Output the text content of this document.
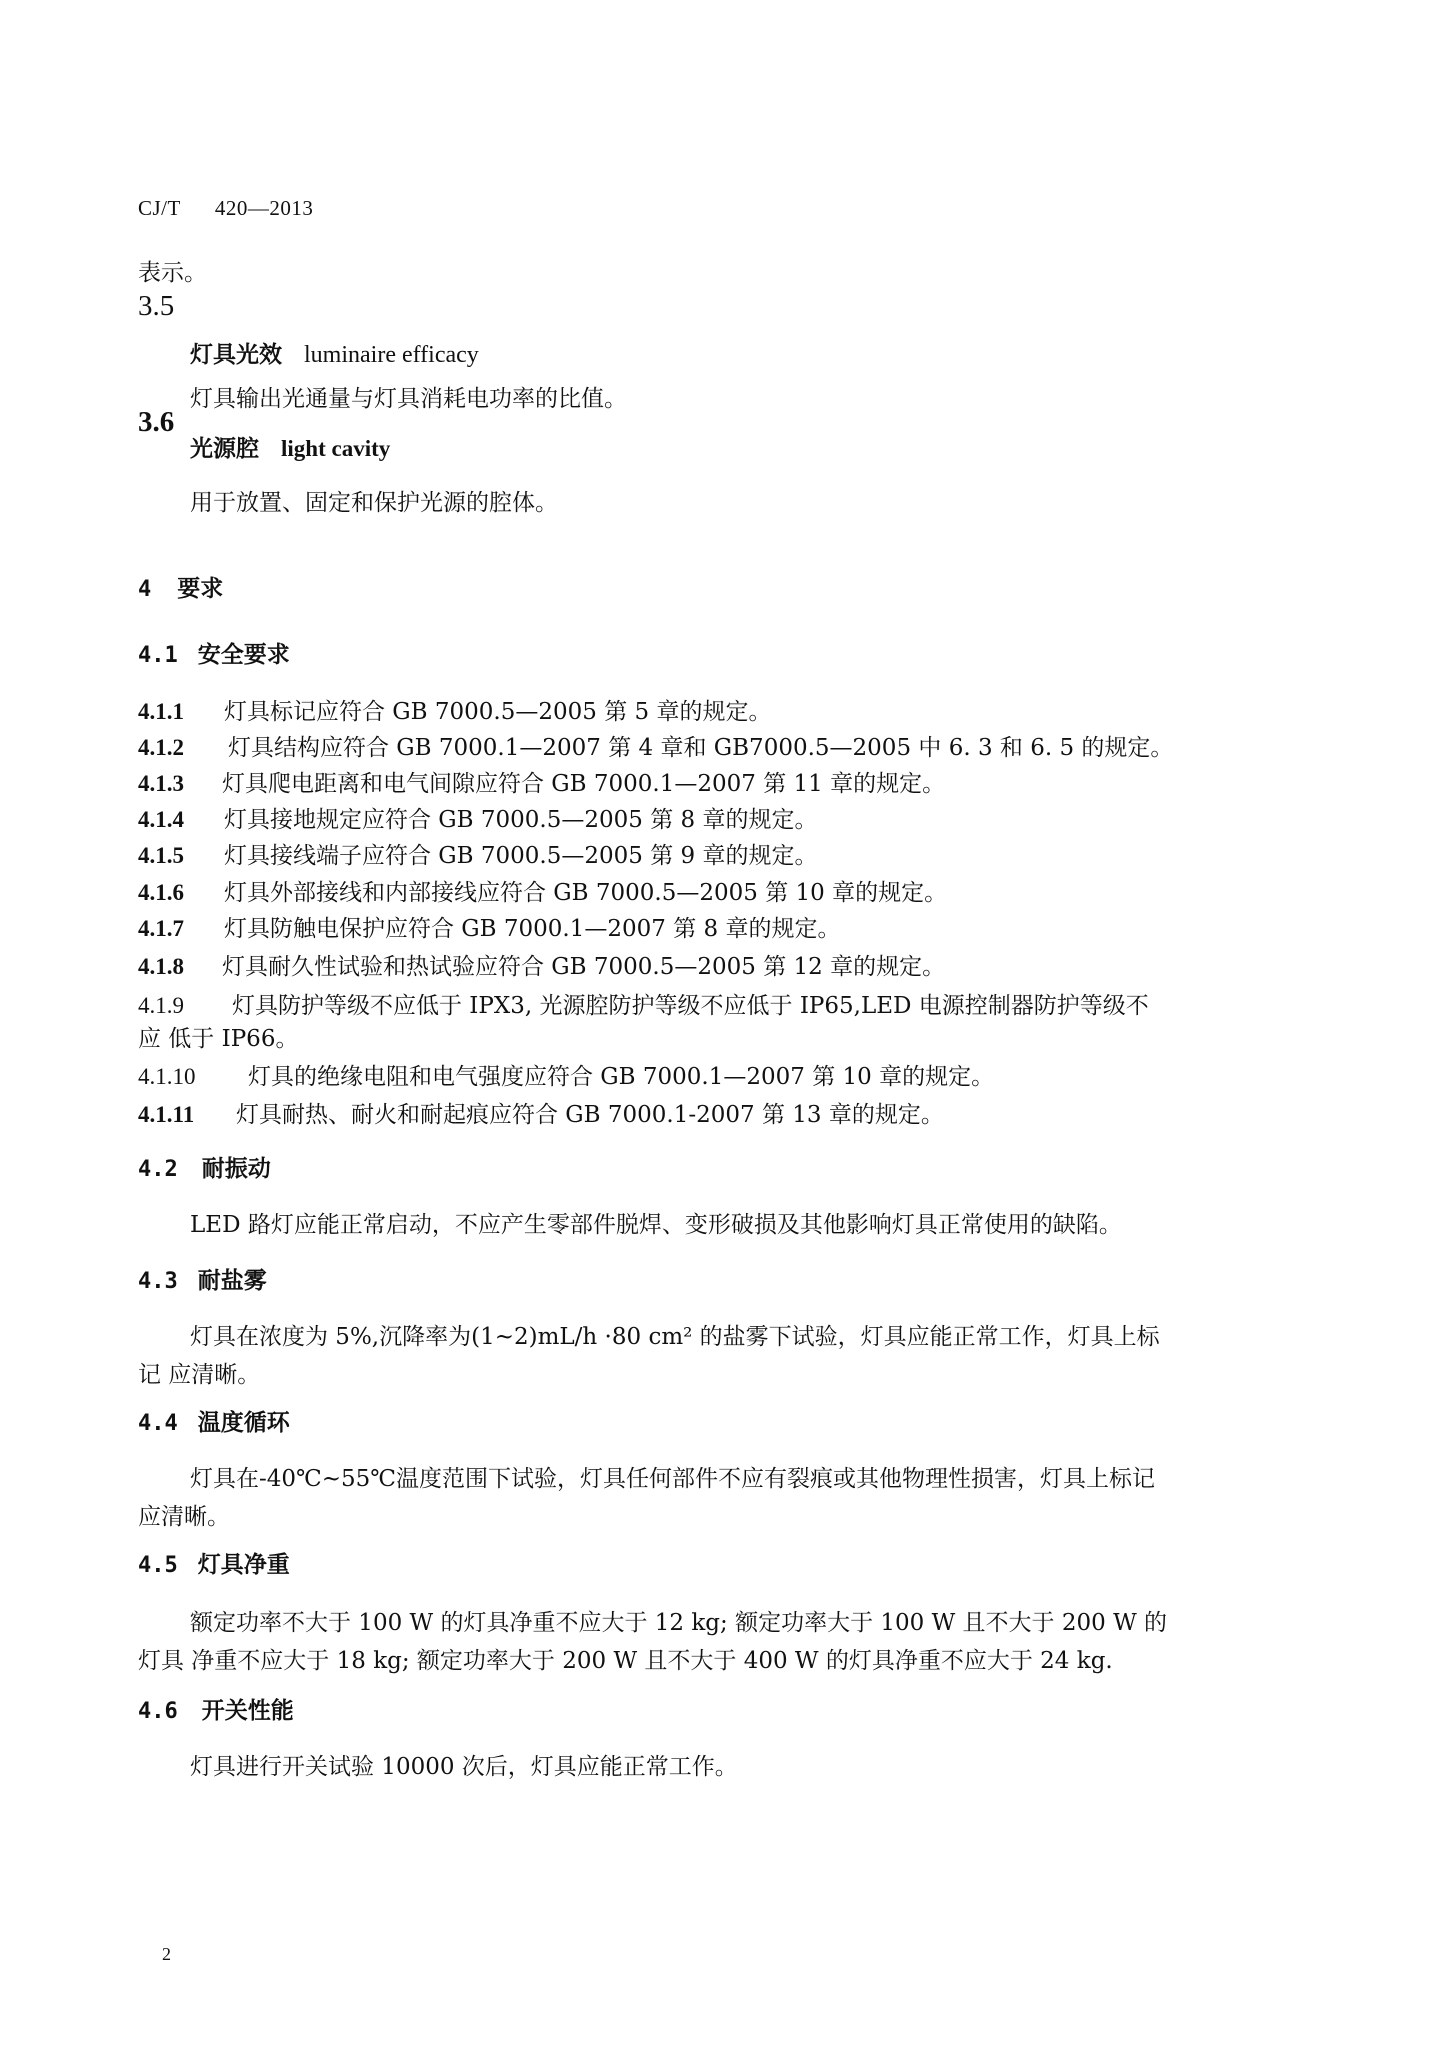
CJ/T 420—2013
表示。
3.5
灯具光效 luminaire efficacy
灯具输出光通量与灯具消耗电功率的比值。
3.6
光源腔 light cavity
用于放置、固定和保护光源的腔体。
4 要求
4.1 安全要求
4.1.1 灯具标记应符合 GB 7000.5—2005 第 5 章的规定。
4.1.2 灯具结构应符合 GB 7000.1—2007 第 4 章和 GB7000.5—2005 中 6. 3 和 6. 5 的规定。
4.1.3 灯具爬电距离和电气间隙应符合 GB 7000.1—2007 第 11 章的规定。
4.1.4 灯具接地规定应符合 GB 7000.5—2005 第 8 章的规定。
4.1.5 灯具接线端子应符合 GB 7000.5—2005 第 9 章的规定。
4.1.6 灯具外部接线和内部接线应符合 GB 7000.5—2005 第 10 章的规定。
4.1.7 灯具防触电保护应符合 GB 7000.1—2007 第 8 章的规定。
4.1.8 灯具耐久性试验和热试验应符合 GB 7000.5—2005 第 12 章的规定。
4.1.9 灯具防护等级不应低于 IPX3, 光源腔防护等级不应低于 IP65,LED 电源控制器防护等级不
应 低于 IP66。
4.1.10 灯具的绝缘电阻和电气强度应符合 GB 7000.1—2007 第 10 章的规定。
4.1.11 灯具耐热、耐火和耐起痕应符合 GB 7000.1-2007 第 13 章的规定。
4.2 耐振动
LED 路灯应能正常启动，不应产生零部件脱焊、变形破损及其他影响灯具正常使用的缺陷。
4.3 耐盐雾
灯具在浓度为 5%,沉降率为(1~2)mL/h ·80 cm² 的盐雾下试验，灯具应能正常工作，灯具上标
记 应清晰。
4.4 温度循环
灯具在-40℃~55℃温度范围下试验，灯具任何部件不应有裂痕或其他物理性损害，灯具上标记
应清晰。
4.5 灯具净重
额定功率不大于 100 W 的灯具净重不应大于 12 kg; 额定功率大于 100 W 且不大于 200 W 的
灯具 净重不应大于 18 kg; 额定功率大于 200 W 且不大于 400 W 的灯具净重不应大于 24 kg.
4.6 开关性能
灯具进行开关试验 10000 次后，灯具应能正常工作。
2
